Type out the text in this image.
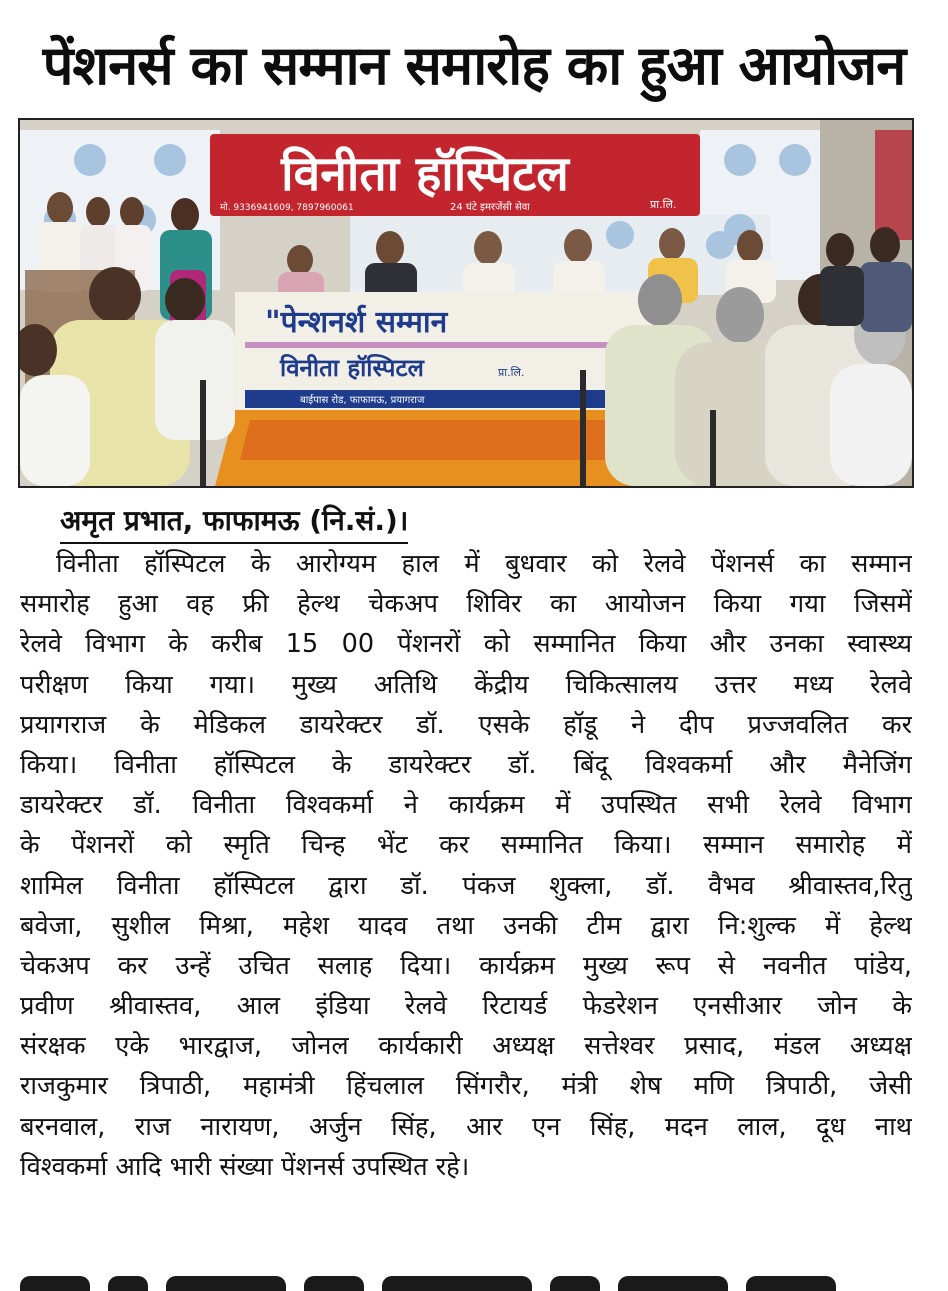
पेंशनर्स का सम्मान समारोह का हुआ आयोजन
विनीता हॉस्पिटल
प्रा.लि.
मो. 9336941609, 7897960061	24 घंटे इमरजेंसी सेवा
"पेन्शनर्श सम्मान
विनीता हॉस्पिटल	प्रा.लि.
बाईपास रोड, फाफामऊ, प्रयागराज
अमृत प्रभात, फाफामऊ (नि.सं.)।
विनीता हॉस्पिटल के आरोग्यम हाल में बुधवार को रेलवे पेंशनर्स का सम्मान
समारोह हुआ वह फ्री हेल्थ चेकअप शिविर का आयोजन किया गया जिसमें
रेलवे विभाग के करीब 15 00 पेंशनरों को सम्मानित किया और उनका स्वास्थ्य
परीक्षण किया गया। मुख्य अतिथि केंद्रीय चिकित्सालय उत्तर मध्य रेलवे
प्रयागराज के मेडिकल डायरेक्टर डॉ. एसके हॉडू ने दीप प्रज्जवलित कर
किया। विनीता हॉस्पिटल के डायरेक्टर डॉ. बिंदू विश्वकर्मा और मैनेजिंग
डायरेक्टर डॉ. विनीता विश्वकर्मा ने कार्यक्रम में उपस्थित सभी रेलवे विभाग
के पेंशनरों को स्मृति चिन्ह भेंट कर सम्मानित किया। सम्मान समारोह में
शामिल विनीता हॉस्पिटल द्वारा डॉ. पंकज शुक्ला, डॉ. वैभव श्रीवास्तव,रितु
बवेजा, सुशील मिश्रा, महेश यादव तथा उनकी टीम द्वारा नि:शुल्क में हेल्थ
चेकअप कर उन्हें उचित सलाह दिया। कार्यक्रम मुख्य रूप से नवनीत पांडेय,
प्रवीण श्रीवास्तव, आल इंडिया रेलवे रिटायर्ड फेडरेशन एनसीआर जोन के
संरक्षक एके भारद्वाज, जोनल कार्यकारी अध्यक्ष सत्तेश्वर प्रसाद, मंडल अध्यक्ष
राजकुमार त्रिपाठी, महामंत्री हिंचलाल सिंगरौर, मंत्री शेष मणि त्रिपाठी, जेसी
बरनवाल, राज नारायण, अर्जुन सिंह, आर एन सिंह, मदन लाल, दूध नाथ
विश्वकर्मा आदि भारी संख्या पेंशनर्स उपस्थित रहे।
